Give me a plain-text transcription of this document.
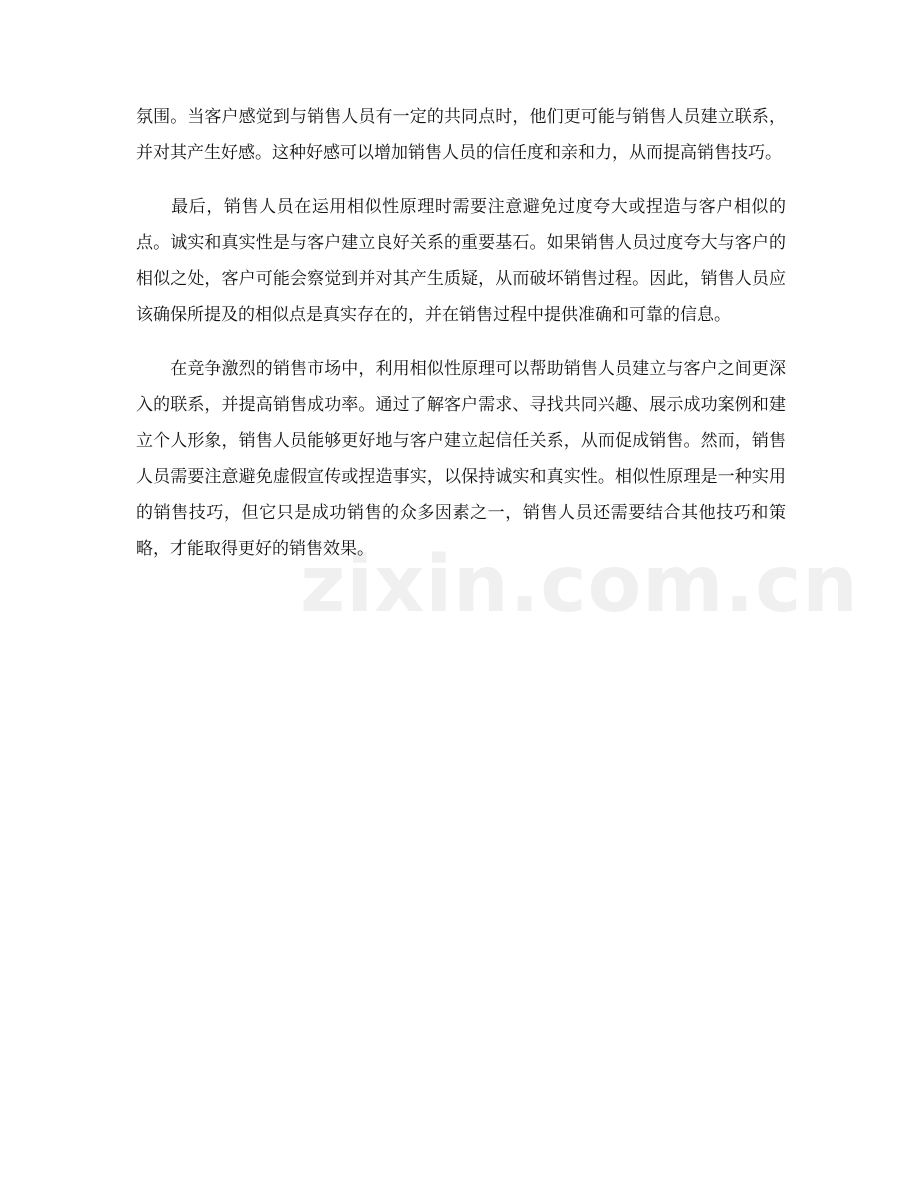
氛围。当客户感觉到与销售人员有一定的共同点时，他们更可能与销售人员建立联系，并对其产生好感。这种好感可以增加销售人员的信任度和亲和力，从而提高销售技巧。

　　最后，销售人员在运用相似性原理时需要注意避免过度夸大或捏造与客户相似的点。诚实和真实性是与客户建立良好关系的重要基石。如果销售人员过度夸大与客户的相似之处，客户可能会察觉到并对其产生质疑，从而破坏销售过程。因此，销售人员应该确保所提及的相似点是真实存在的，并在销售过程中提供准确和可靠的信息。

　　在竞争激烈的销售市场中，利用相似性原理可以帮助销售人员建立与客户之间更深入的联系，并提高销售成功率。通过了解客户需求、寻找共同兴趣、展示成功案例和建立个人形象，销售人员能够更好地与客户建立起信任关系，从而促成销售。然而，销售人员需要注意避免虚假宣传或捏造事实，以保持诚实和真实性。相似性原理是一种实用的销售技巧，但它只是成功销售的众多因素之一，销售人员还需要结合其他技巧和策略，才能取得更好的销售效果。

zixin.com.cn
